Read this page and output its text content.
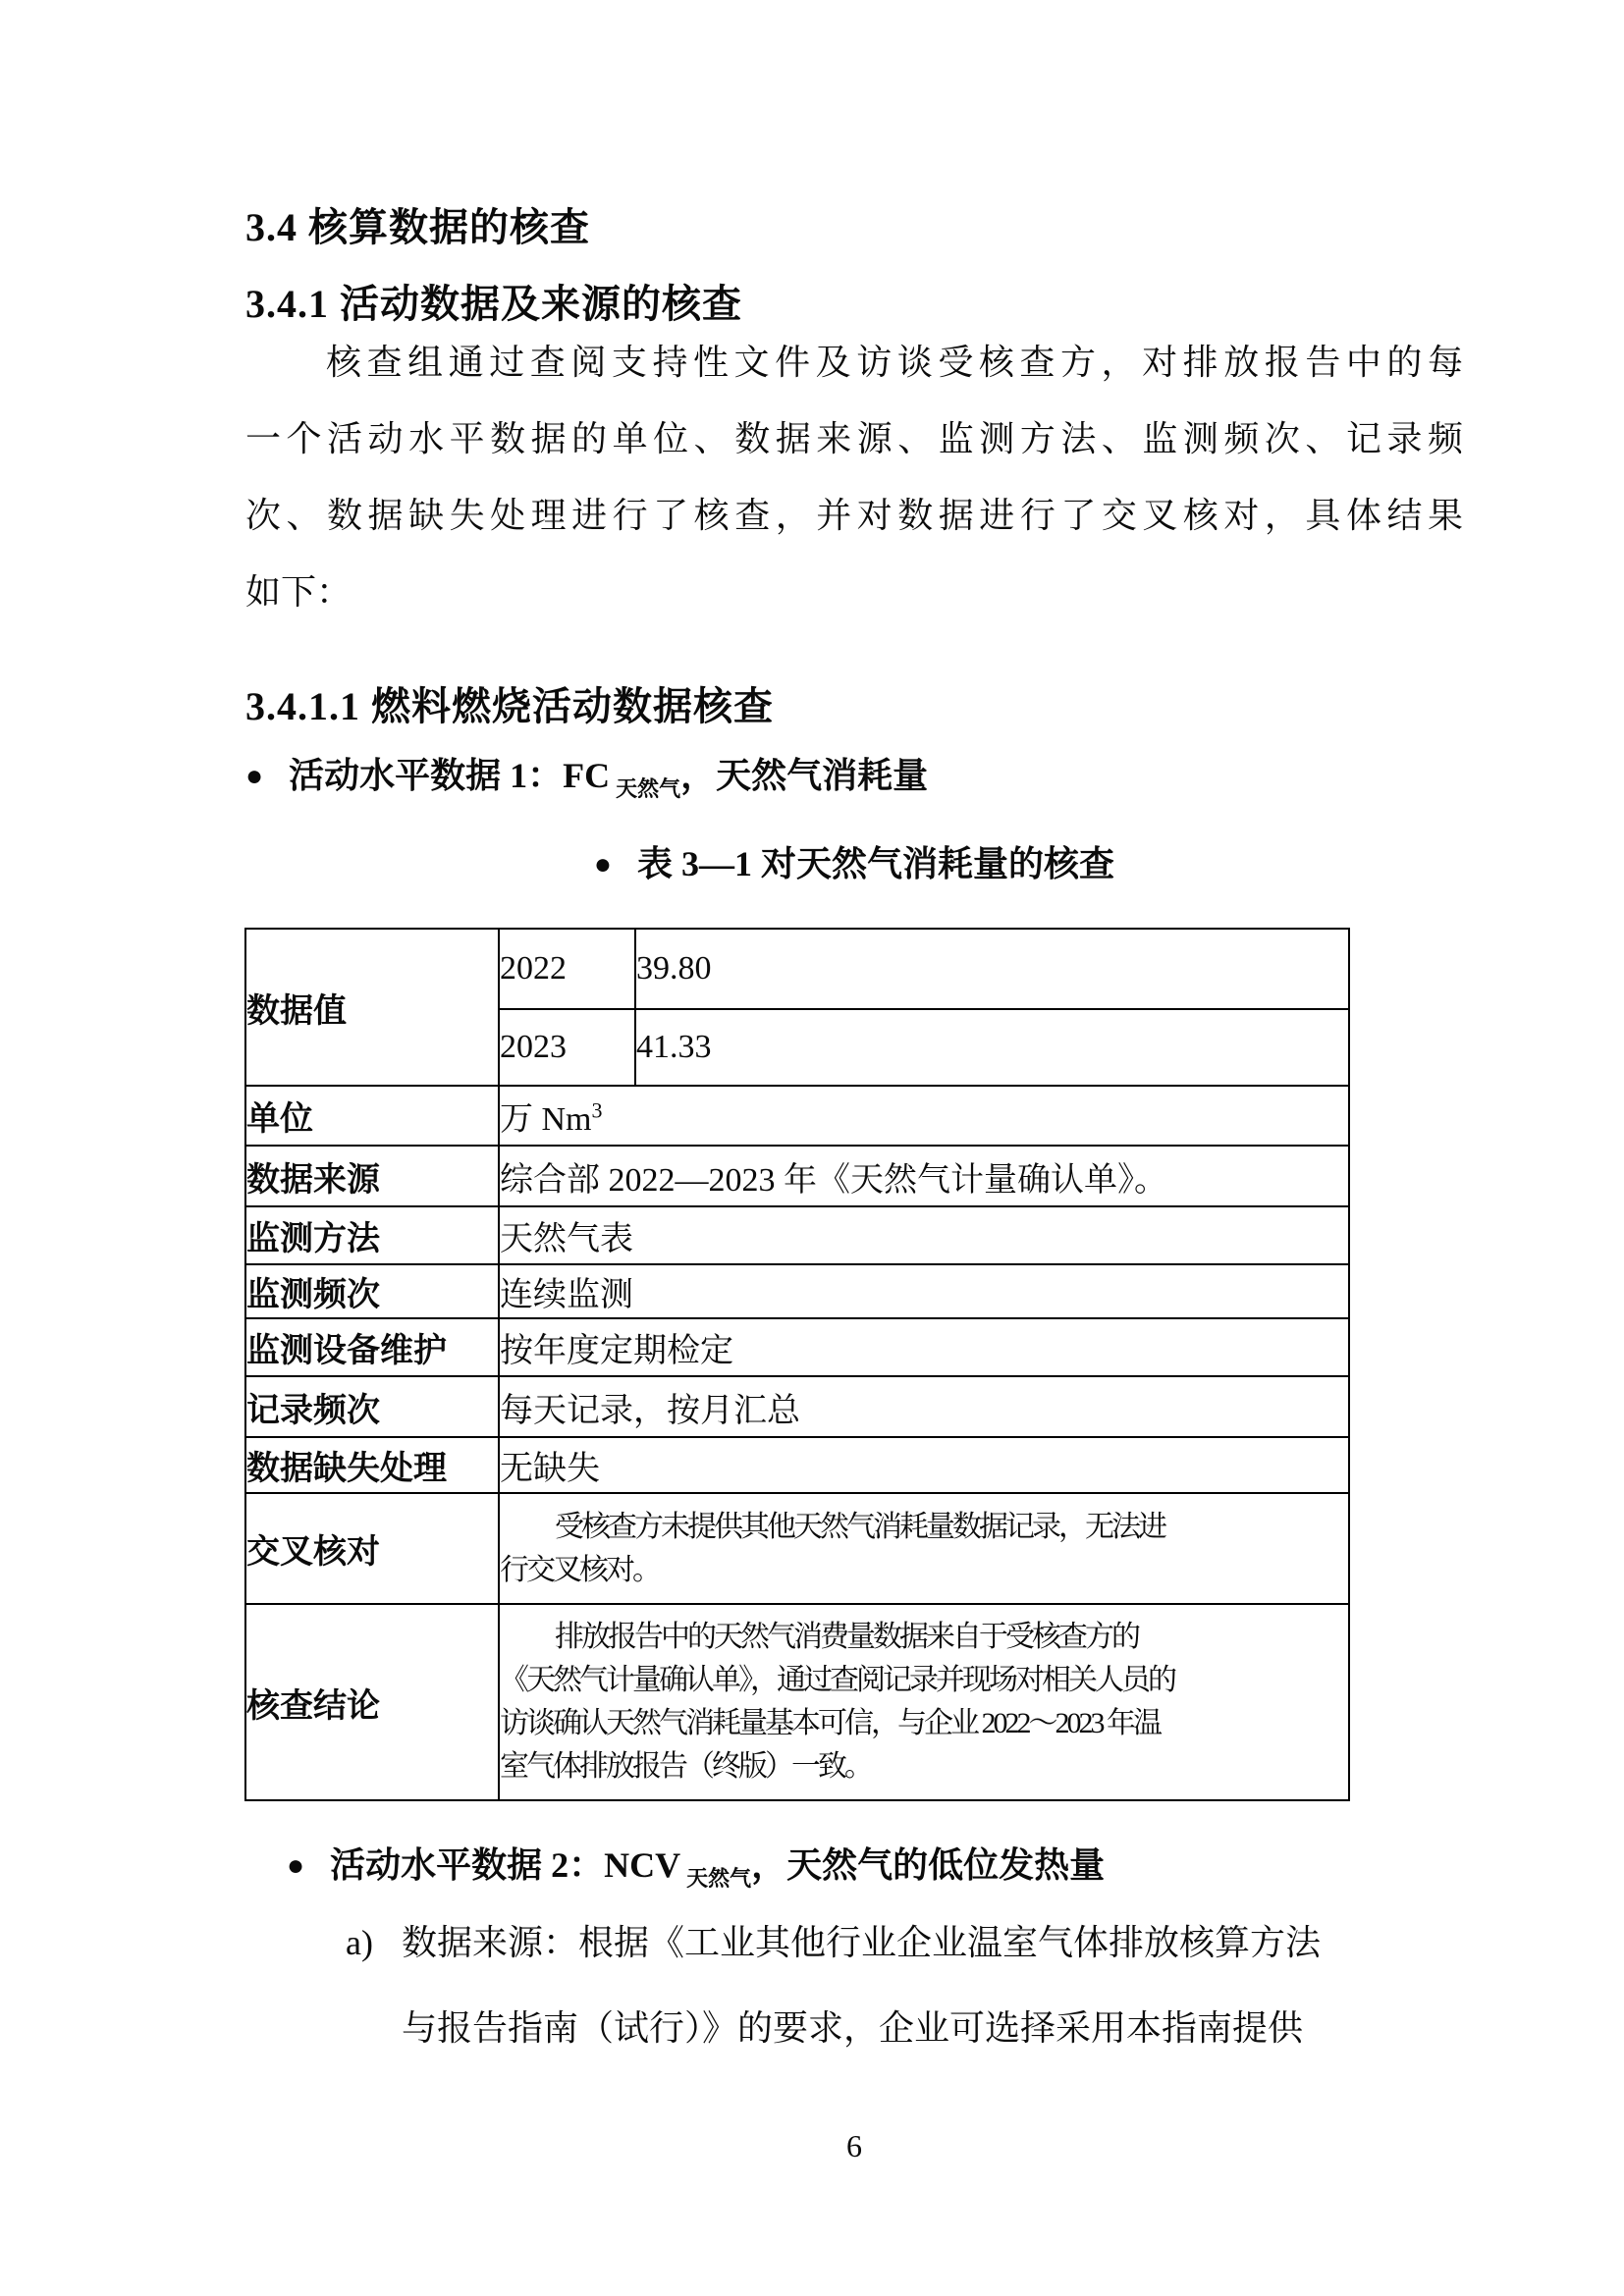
3.4 核算数据的核查
3.4.1 活动数据及来源的核查
核查组通过查阅支持性文件及访谈受核查方，对排放报告中的每
一个活动水平数据的单位、数据来源、监测方法、监测频次、记录频
次、数据缺失处理进行了核查，并对数据进行了交叉核对，具体结果
如下：
3.4.1.1 燃料燃烧活动数据核查
● 活动水平数据 1：FC $_{天然气}$，天然气消耗量
● 表 3—1 对天然气消耗量的核查
数据值	2022	39.80
	2023	41.33
单位	万 Nm$^3$
数据来源	综合部 2022—2023 年《天然气计量确认单》。	
监测方法	天然气表	
监测频次	连续监测	
监测设备维护	按年度定期检定	
记录频次	每天记录，按月汇总	
数据缺失处理	无缺失	
交叉核对	受核查方未提供其他天然气消耗量数据记录，无法进
行交叉核对。	

核查结论	排放报告中的天然气消费量数据来自于受核查方的
《天然气计量确认单》，通过查阅记录并现场对相关人员的
访谈确认天然气消耗量基本可信，与企业 2022～2023 年温
室气体排放报告（终版）一致。	
● 活动水平数据 2：NCV $_{天然气}$，天然气的低位发热量
a) 数据来源：根据《工业其他行业企业温室气体排放核算方法
与报告指南（试行）》的要求，企业可选择采用本指南提供
6
